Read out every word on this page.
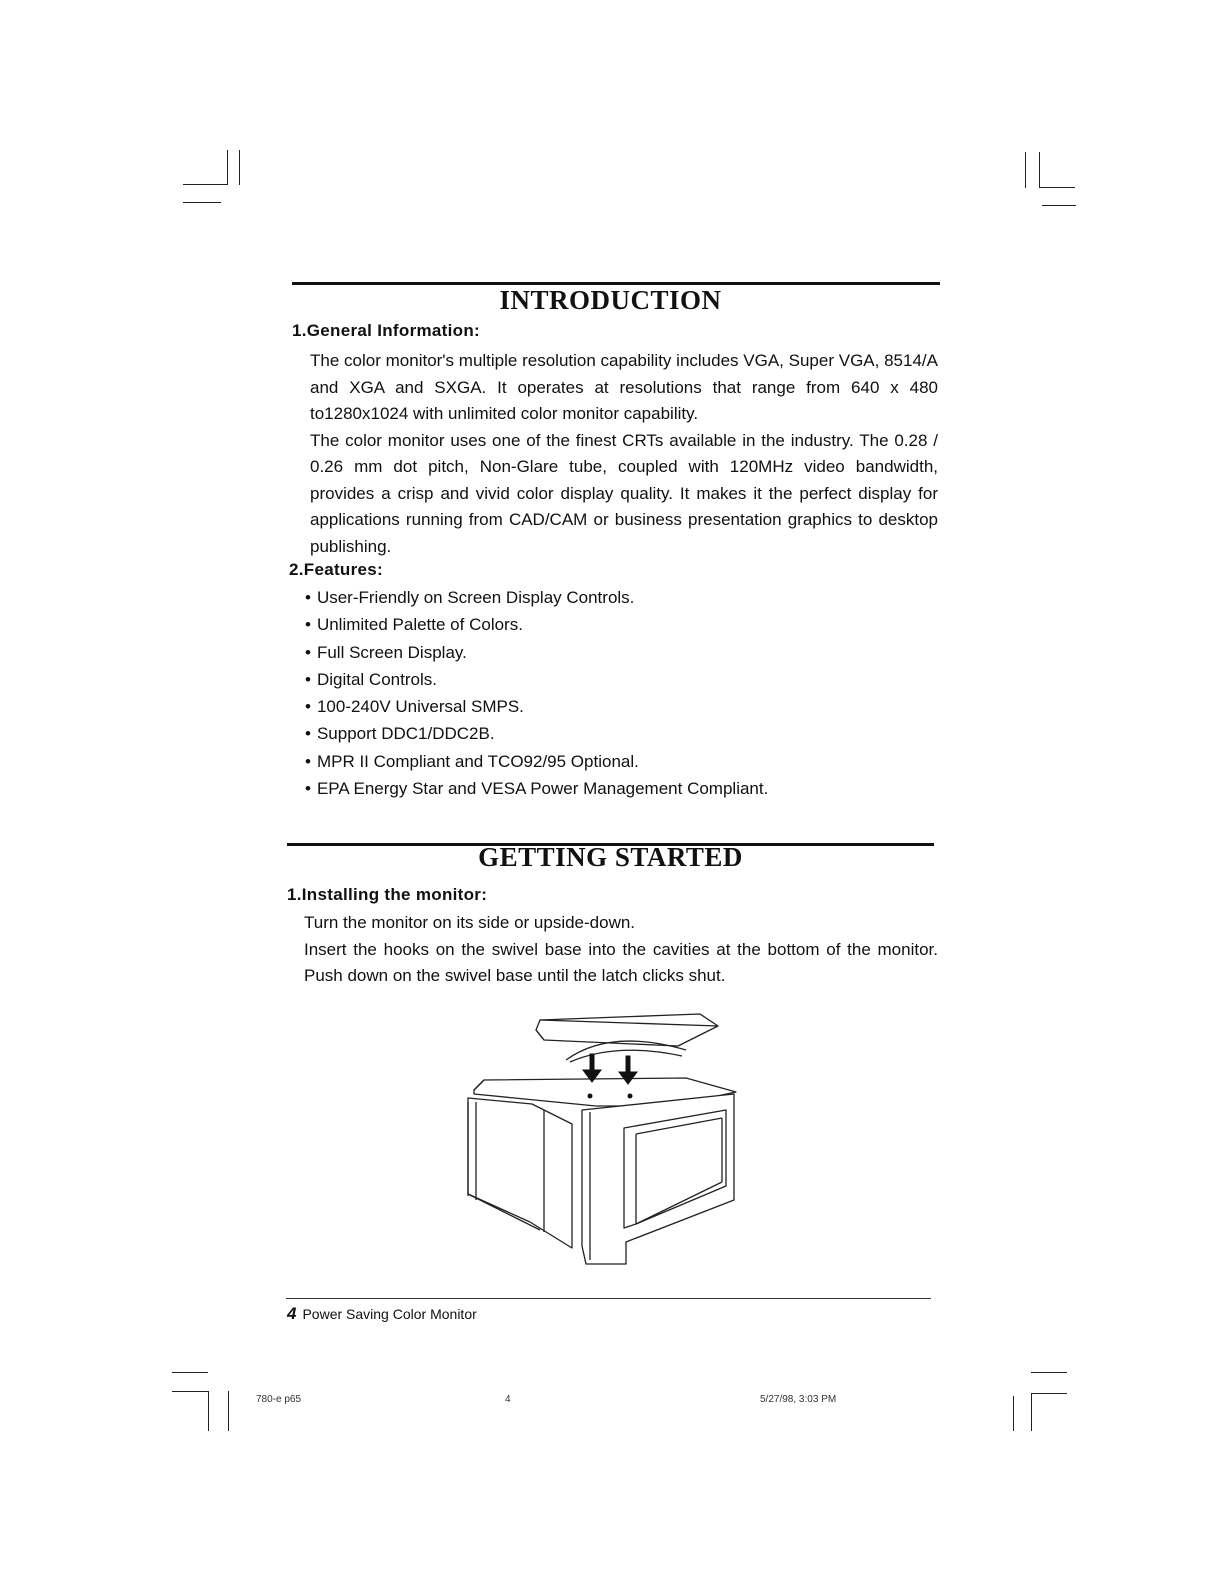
INTRODUCTION
1.General Information:

The color monitor's multiple resolution capability includes VGA, Super VGA, 8514/A and XGA and SXGA. It operates at resolutions that range from 640 x 480 to1280x1024 with unlimited color monitor capability.

The color monitor uses one of the finest CRTs available in the industry. The 0.28 / 0.26 mm dot pitch, Non-Glare tube, coupled with 120MHz video bandwidth, provides a crisp and vivid color display quality. It makes it the perfect display for applications running from CAD/CAM or business presentation graphics to desktop publishing.

2.Features:
• User-Friendly on Screen Display Controls.
• Unlimited Palette of Colors.
• Full Screen Display.
• Digital Controls.
• 100-240V Universal SMPS.
• Support DDC1/DDC2B.
• MPR II Compliant and TCO92/95 Optional.
• EPA Energy Star and VESA Power Management Compliant.
GETTING STARTED
1.Installing the monitor:

Turn the monitor on its side or upside-down.

Insert the hooks on the swivel base into the cavities at the bottom of the monitor. Push down on the swivel base until the latch clicks shut.

4 Power Saving Color Monitor
780-e p65	4	5/27/98, 3:03 PM
